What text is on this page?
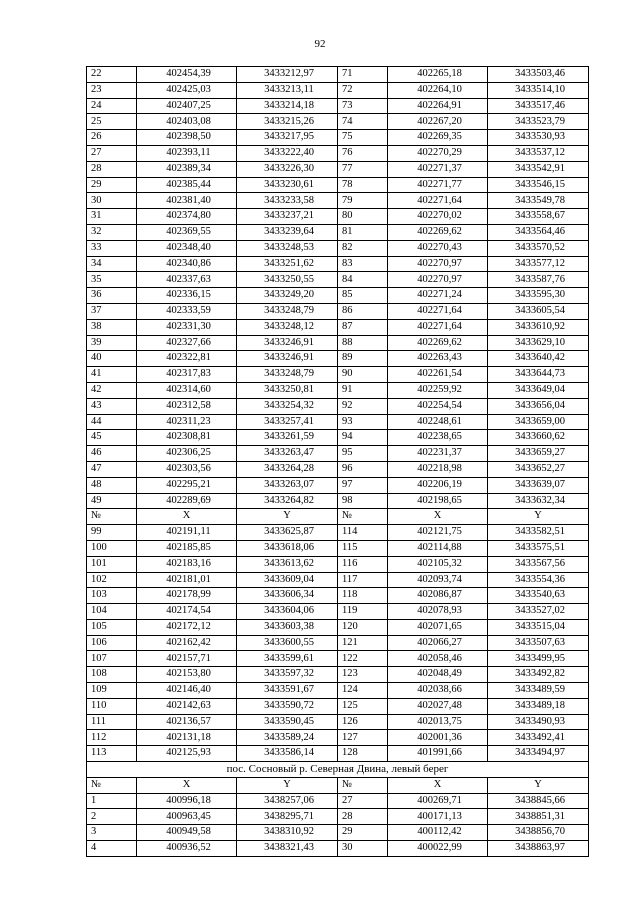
92
22	402454,39	3433212,97	71	402265,18	3433503,46
23	402425,03	3433213,11	72	402264,10	3433514,10
24	402407,25	3433214,18	73	402264,91	3433517,46
25	402403,08	3433215,26	74	402267,20	3433523,79
26	402398,50	3433217,95	75	402269,35	3433530,93
27	402393,11	3433222,40	76	402270,29	3433537,12
28	402389,34	3433226,30	77	402271,37	3433542,91
29	402385,44	3433230,61	78	402271,77	3433546,15
30	402381,40	3433233,58	79	402271,64	3433549,78
31	402374,80	3433237,21	80	402270,02	3433558,67
32	402369,55	3433239,64	81	402269,62	3433564,46
33	402348,40	3433248,53	82	402270,43	3433570,52
34	402340,86	3433251,62	83	402270,97	3433577,12
35	402337,63	3433250,55	84	402270,97	3433587,76
36	402336,15	3433249,20	85	402271,24	3433595,30
37	402333,59	3433248,79	86	402271,64	3433605,54
38	402331,30	3433248,12	87	402271,64	3433610,92
39	402327,66	3433246,91	88	402269,62	3433629,10
40	402322,81	3433246,91	89	402263,43	3433640,42
41	402317,83	3433248,79	90	402261,54	3433644,73
42	402314,60	3433250,81	91	402259,92	3433649,04
43	402312,58	3433254,32	92	402254,54	3433656,04
44	402311,23	3433257,41	93	402248,61	3433659,00
45	402308,81	3433261,59	94	402238,65	3433660,62
46	402306,25	3433263,47	95	402231,37	3433659,27
47	402303,56	3433264,28	96	402218,98	3433652,27
48	402295,21	3433263,07	97	402206,19	3433639,07
49	402289,69	3433264,82	98	402198,65	3433632,34
№	X	Y	№	X	Y
99	402191,11	3433625,87	114	402121,75	3433582,51
100	402185,85	3433618,06	115	402114,88	3433575,51
101	402183,16	3433613,62	116	402105,32	3433567,56
102	402181,01	3433609,04	117	402093,74	3433554,36
103	402178,99	3433606,34	118	402086,87	3433540,63
104	402174,54	3433604,06	119	402078,93	3433527,02
105	402172,12	3433603,38	120	402071,65	3433515,04
106	402162,42	3433600,55	121	402066,27	3433507,63
107	402157,71	3433599,61	122	402058,46	3433499,95
108	402153,80	3433597,32	123	402048,49	3433492,82
109	402146,40	3433591,67	124	402038,66	3433489,59
110	402142,63	3433590,72	125	402027,48	3433489,18
111	402136,57	3433590,45	126	402013,75	3433490,93
112	402131,18	3433589,24	127	402001,36	3433492,41
113	402125,93	3433586,14	128	401991,66	3433494,97
пос. Сосновый р. Северная Двина, левый берег					
№	X	Y	№	X	Y
1	400996,18	3438257,06	27	400269,71	3438845,66
2	400963,45	3438295,71	28	400171,13	3438851,31
3	400949,58	3438310,92	29	400112,42	3438856,70
4	400936,52	3438321,43	30	400022,99	3438863,97
